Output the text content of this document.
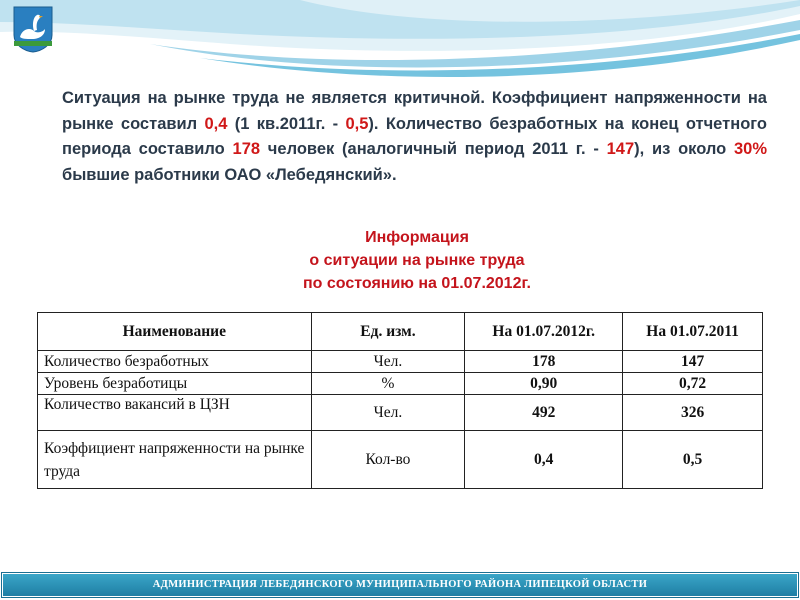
Ситуация на рынке труда не является критичной. Коэффициент напряженности на рынке составил 0,4 (1 кв.2011г. - 0,5). Количество безработных на конец отчетного периода составило 178 человек (аналогичный период 2011 г. - 147), из около 30% бывшие работники ОАО «Лебедянский».
Информация
о ситуации на рынке труда
по состоянию на 01.07.2012г.
Наименование	Ед. изм.	На 01.07.2012г.	На 01.07.2011
Количество безработных	Чел.	178	147
Уровень безработицы	%	0,90	0,72
Количество вакансий в ЦЗН	Чел.	492	326
Коэффициент напряженности на рынке труда	Кол-во	0,4	0,5
АДМИНИСТРАЦИЯ ЛЕБЕДЯНСКОГО МУНИЦИПАЛЬНОГО РАЙОНА ЛИПЕЦКОЙ ОБЛАСТИ
